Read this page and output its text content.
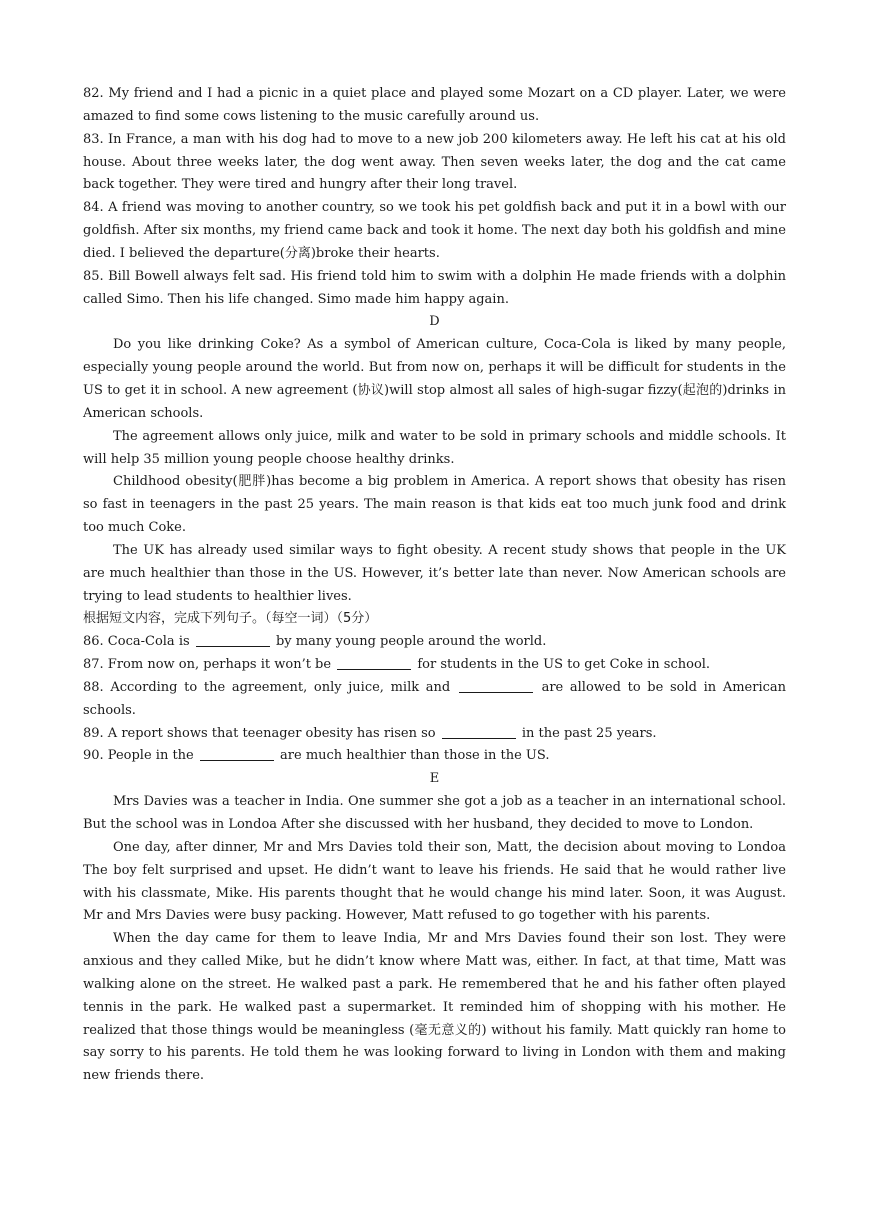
82. My friend and I had a picnic in a quiet place and played some Mozart on a CD player. Later, we were amazed to find some cows listening to the music carefully around us.

83. In France, a man with his dog had to move to a new job 200 kilometers away. He left his cat at his old house. About three weeks later, the dog went away. Then seven weeks later, the dog and the cat came back together. They were tired and hungry after their long travel.

84. A friend was moving to another country, so we took his pet goldfish back and put it in a bowl with our goldfish. After six months, my friend came back and took it home. The next day both his goldfish and mine died. I believed the departure(分离)broke their hearts.

85. Bill Bowell always felt sad. His friend told him to swim with a dolphin He made friends with a dolphin called Simo. Then his life changed. Simo made him happy again.

D

Do you like drinking Coke? As a symbol of American culture, Coca-Cola is liked by many people, especially young people around the world. But from now on, perhaps it will be difficult for students in the US to get it in school. A new agreement (协议)will stop almost all sales of high-sugar fizzy(起泡的)drinks in American schools.

The agreement allows only juice, milk and water to be sold in primary schools and middle schools. It will help 35 million young people choose healthy drinks.

Childhood obesity(肥胖)has become a big problem in America. A report shows that obesity has risen so fast in teenagers in the past 25 years. The main reason is that kids eat too much junk food and drink too much Coke.

The UK has already used similar ways to fight obesity. A recent study shows that people in the UK are much healthier than those in the US. However, it’s better late than never. Now American schools are trying to lead students to healthier lives.

根据短文内容，完成下列句子。（每空一词）（5分）

86. Coca-Cola is	by many young people around the world.

87. From now on, perhaps it won’t be	for students in the US to get Coke in school.

88. According to the agreement, only juice, milk and	are allowed to be sold in American schools.

89. A report shows that teenager obesity has risen so	in the past 25 years.

90. People in the	are much healthier than those in the US.

E

Mrs Davies was a teacher in India. One summer she got a job as a teacher in an international school. But the school was in Londoa After she discussed with her husband, they decided to move to London.

One day, after dinner, Mr and Mrs Davies told their son, Matt, the decision about moving to Londoa The boy felt surprised and upset. He didn’t want to leave his friends. He said that he would rather live with his classmate, Mike. His parents thought that he would change his mind later. Soon, it was August. Mr and Mrs Davies were busy packing. However, Matt refused to go together with his parents.

When the day came for them to leave India, Mr and Mrs Davies found their son lost. They were anxious and they called Mike, but he didn’t know where Matt was, either. In fact, at that time, Matt was walking alone on the street. He walked past a park. He remembered that he and his father often played tennis in the park. He walked past a supermarket. It reminded him of shopping with his mother. He realized that those things would be meaningless (毫无意义的) without his family. Matt quickly ran home to say sorry to his parents. He told them he was looking forward to living in London with them and making new friends there.
